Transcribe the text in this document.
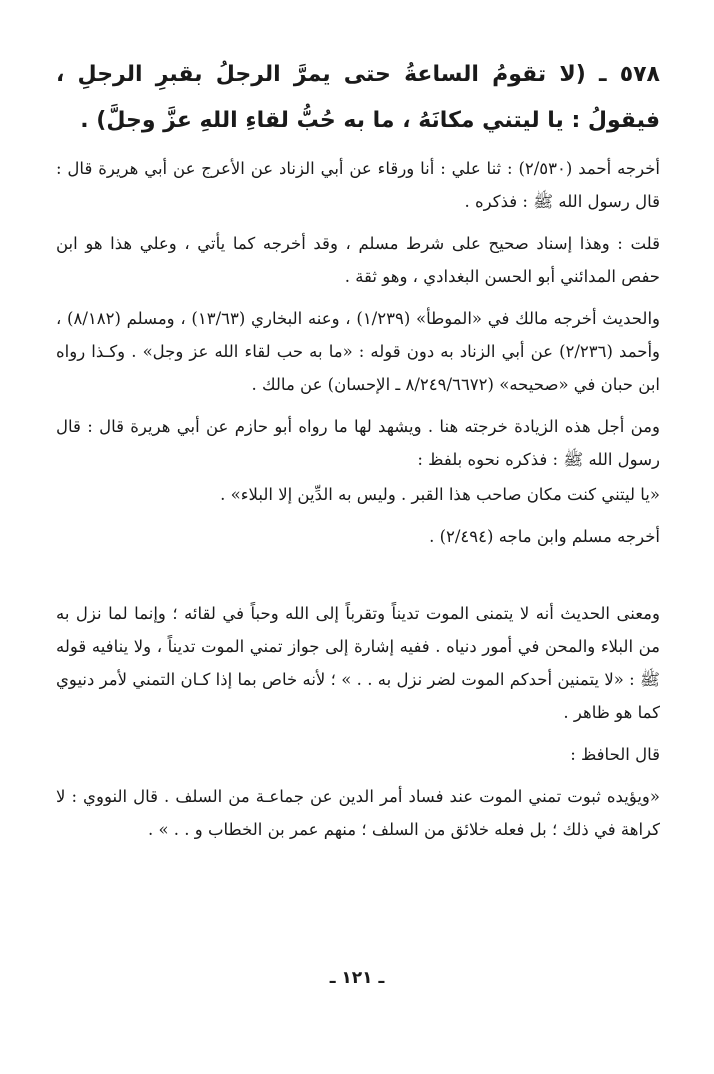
٥٧٨ ـ (لا تقومُ الساعةُ حتى يمرَّ الرجلُ بقبرِ الرجلِ ، فيقولُ : يا ليتني مكانَهُ ، ما به حُبُّ لقاءِ اللهِ عزَّ وجلَّ) .

أخرجه أحمد (٢/٥٣٠) : ثنا علي : أنا ورقاء عن أبي الزناد عن الأعرج عن أبي هريرة قال : قال رسول الله ﷺ : فذكره .

قلت : وهذا إسناد صحيح على شرط مسلم ، وقد أخرجه كما يأتي ، وعلي هذا هو ابن حفص المدائني أبو الحسن البغدادي ، وهو ثقة .

والحديث أخرجه مالك في «الموطأ» (١/٢٣٩) ، وعنه البخاري (١٣/٦٣) ، ومسلم (٨/١٨٢) ، وأحمد (٢/٢٣٦) عن أبي الزناد به دون قوله : «ما به حب لقاء الله عز وجل» . وكـذا رواه ابن حبان في «صحيحه» (٨/٢٤٩/٦٦٧٢ ـ الإحسان) عن مالك .

ومن أجل هذه الزيادة خرجته هنا . ويشهد لها ما رواه أبو حازم عن أبي هريرة قال : قال رسول الله ﷺ : فذكره نحوه بلفظ :

«يا ليتني كنت مكان صاحب هذا القبر . وليس به الدِّين إلا البلاء» .

أخرجه مسلم وابن ماجه (٢/٤٩٤) .

ومعنى الحديث أنه لا يتمنى الموت تديناً وتقرباً إلى الله وحباً في لقائه ؛ وإنما لما نزل به من البلاء والمحن في أمور دنياه . ففيه إشارة إلى جواز تمني الموت تديناً ، ولا ينافيه قوله ﷺ : «لا يتمنين أحدكم الموت لضر نزل به . . » ؛ لأنه خاص بما إذا كـان التمني لأمر دنيوي كما هو ظاهر .

قال الحافظ :

«ويؤيده ثبوت تمني الموت عند فساد أمر الدين عن جماعـة من السلف . قال النووي : لا كراهة في ذلك ؛ بل فعله خلائق من السلف ؛ منهم عمر بن الخطاب و . . » .

ـ ١٢١ ـ
